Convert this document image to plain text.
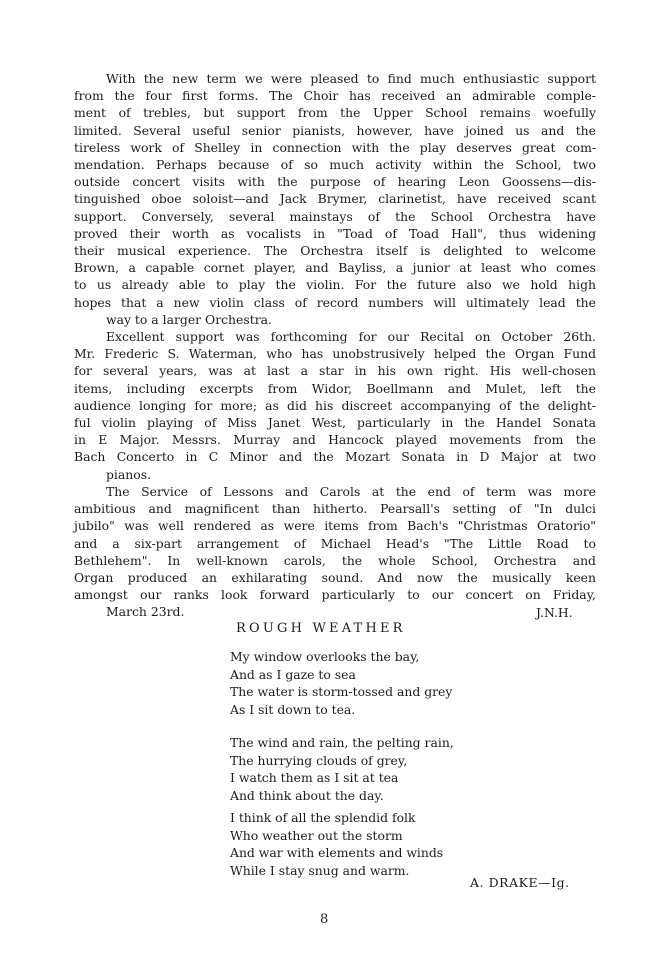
With the new term we were pleased to find much enthusiastic support
from the four first forms. The Choir has received an admirable comple-
ment of trebles, but support from the Upper School remains woefully
limited. Several useful senior pianists, however, have joined us and the
tireless work of Shelley in connection with the play deserves great com-
mendation. Perhaps because of so much activity within the School, two
outside concert visits with the purpose of hearing Leon Goossens—dis-
tinguished oboe soloist—and Jack Brymer, clarinetist, have received scant
support. Conversely, several mainstays of the School Orchestra have
proved their worth as vocalists in "Toad of Toad Hall", thus widening
their musical experience. The Orchestra itself is delighted to welcome
Brown, a capable cornet player, and Bayliss, a junior at least who comes
to us already able to play the violin. For the future also we hold high
hopes that a new violin class of record numbers will ultimately lead the
way to a larger Orchestra.

Excellent support was forthcoming for our Recital on October 26th.
Mr. Frederic S. Waterman, who has unobstrusively helped the Organ Fund
for several years, was at last a star in his own right. His well-chosen
items, including excerpts from Widor, Boellmann and Mulet, left the
audience longing for more; as did his discreet accompanying of the delight-
ful violin playing of Miss Janet West, particularly in the Handel Sonata
in E Major. Messrs. Murray and Hancock played movements from the
Bach Concerto in C Minor and the Mozart Sonata in D Major at two
pianos.

The Service of Lessons and Carols at the end of term was more
ambitious and magnificent than hitherto. Pearsall's setting of "In dulci
jubilo" was well rendered as were items from Bach's "Christmas Oratorio"
and a six-part arrangement of Michael Head's "The Little Road to
Bethlehem". In well-known carols, the whole School, Orchestra and
Organ produced an exhilarating sound. And now the musically keen
amongst our ranks look forward particularly to our concert on Friday,
March 23rd.	J.N.H.
ROUGH WEATHER
My window overlooks the bay,
And as I gaze to sea
The water is storm-tossed and grey
As I sit down to tea.
The wind and rain, the pelting rain,
The hurrying clouds of grey,
I watch them as I sit at tea
And think about the day.
I think of all the splendid folk
Who weather out the storm
And war with elements and winds
While I stay snug and warm.
A. DRAKE—Ig.
8
